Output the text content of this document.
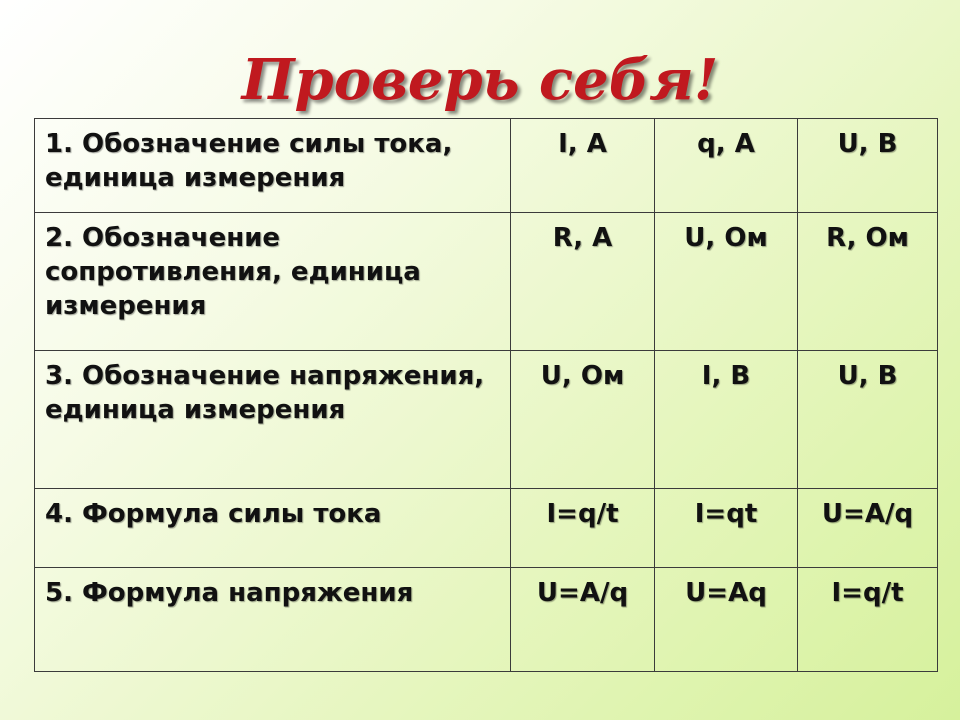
Проверь себя!
1. Обозначение силы тока, единица измерения	I, A	q, A	U, B
2. Обозначение сопротивления, единица измерения	R, A	U, Ом	R, Ом
3. Обозначение напряжения, единица измерения	U, Ом	I, B	U, B
4. Формула силы тока	I=q/t	I=qt	U=A/q
5. Формула напряжения	U=A/q	U=Aq	I=q/t
